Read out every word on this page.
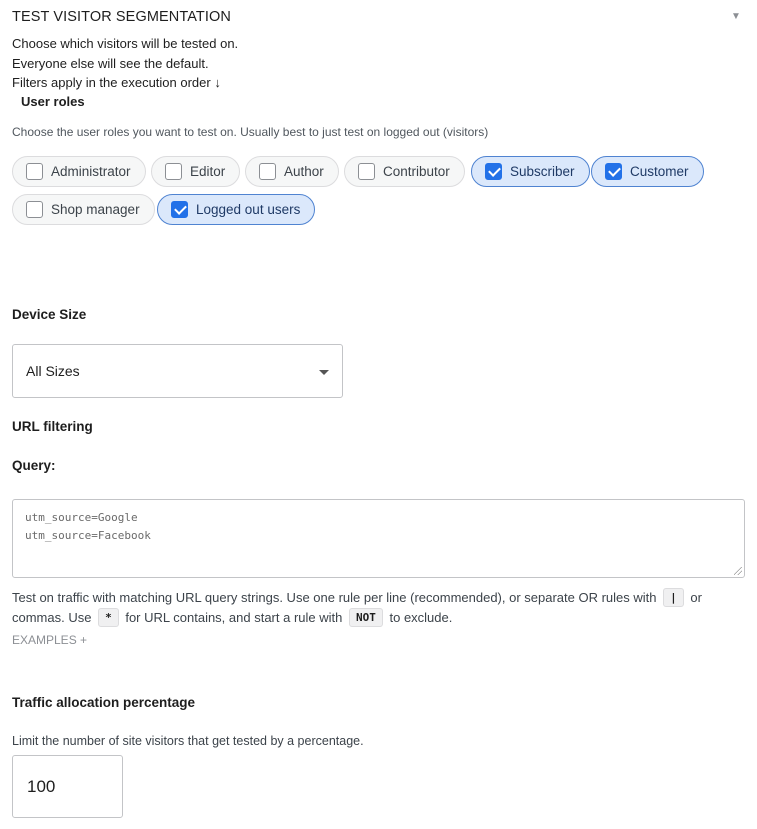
TEST VISITOR SEGMENTATION	▼
Choose which visitors will be tested on.
Everyone else will see the default.
Filters apply in the execution order ↓
User roles
Choose the user roles you want to test on. Usually best to just test on logged out (visitors)
Administrator	Editor	Author	Contributor	Subscriber	Customer
Shop manager	Logged out users
Device Size
All Sizes
URL filtering
Query:
utm_source=Google
utm_source=Facebook
Test on traffic with matching URL query strings. Use one rule per line (recommended), or separate OR rules with | or commas. Use * for URL contains, and start a rule with NOT to exclude.
EXAMPLES +
Traffic allocation percentage
Limit the number of site visitors that get tested by a percentage.
100
